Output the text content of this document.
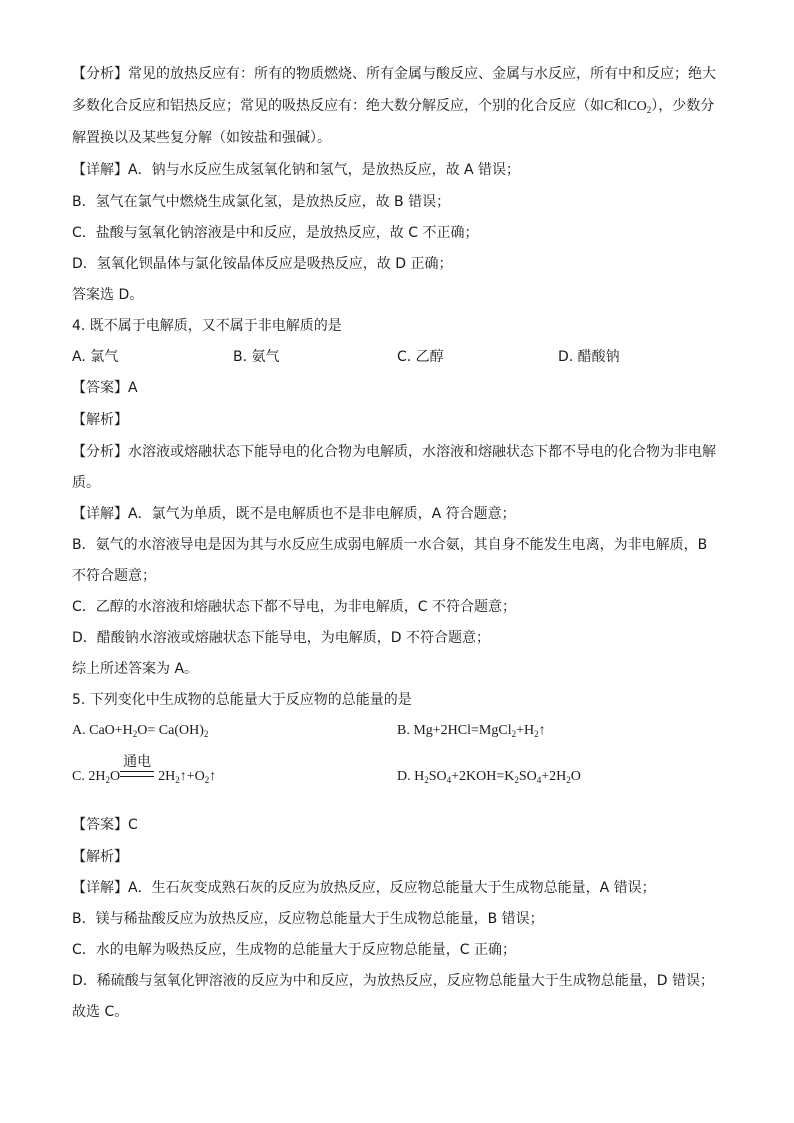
【分析】常见的放热反应有：所有的物质燃烧、所有金属与酸反应、金属与水反应，所有中和反应；绝大
多数化合反应和铝热反应；常见的吸热反应有：绝大数分解反应，个别的化合反应（如C和$CO_2$），少数分
解置换以及某些复分解（如铵盐和强碱）。
【详解】A．钠与水反应生成氢氧化钠和氢气，是放热反应，故 A 错误；
B．氢气在氯气中燃烧生成氯化氢，是放热反应，故 B 错误；
C．盐酸与氢氧化钠溶液是中和反应，是放热反应，故 C 不正确；
D．氢氧化钡晶体与氯化铵晶体反应是吸热反应，故 D 正确；
答案选 D。
4. 既不属于电解质，又不属于非电解质的是
A. 氯气	B. 氨气	C. 乙醇	D. 醋酸钠
【答案】A
【解析】
【分析】水溶液或熔融状态下能导电的化合物为电解质，水溶液和熔融状态下都不导电的化合物为非电解
质。
【详解】A．氯气为单质，既不是电解质也不是非电解质，A 符合题意；
B．氨气的水溶液导电是因为其与水反应生成弱电解质一水合氨，其自身不能发生电离，为非电解质，B
不符合题意；
C．乙醇的水溶液和熔融状态下都不导电，为非电解质，C 不符合题意；
D．醋酸钠水溶液或熔融状态下能导电，为电解质，D 不符合题意；
综上所述答案为 A。
5. 下列变化中生成物的总能量大于反应物的总能量的是
A. $CaO+H_2O= Ca(OH)_2$	B. $Mg+2HCl=MgCl_2+H_2↑$
C. $2H_2O$
通电
$2H_2↑+O_2↑$	D. $H_2SO_4+2KOH=K_2SO_4+2H_2O$
【答案】C
【解析】
【详解】A．生石灰变成熟石灰的反应为放热反应，反应物总能量大于生成物总能量，A 错误；
B．镁与稀盐酸反应为放热反应，反应物总能量大于生成物总能量，B 错误；
C．水的电解为吸热反应，生成物的总能量大于反应物总能量，C 正确；
D．稀硫酸与氢氧化钾溶液的反应为中和反应，为放热反应，反应物总能量大于生成物总能量，D 错误；
故选 C。
